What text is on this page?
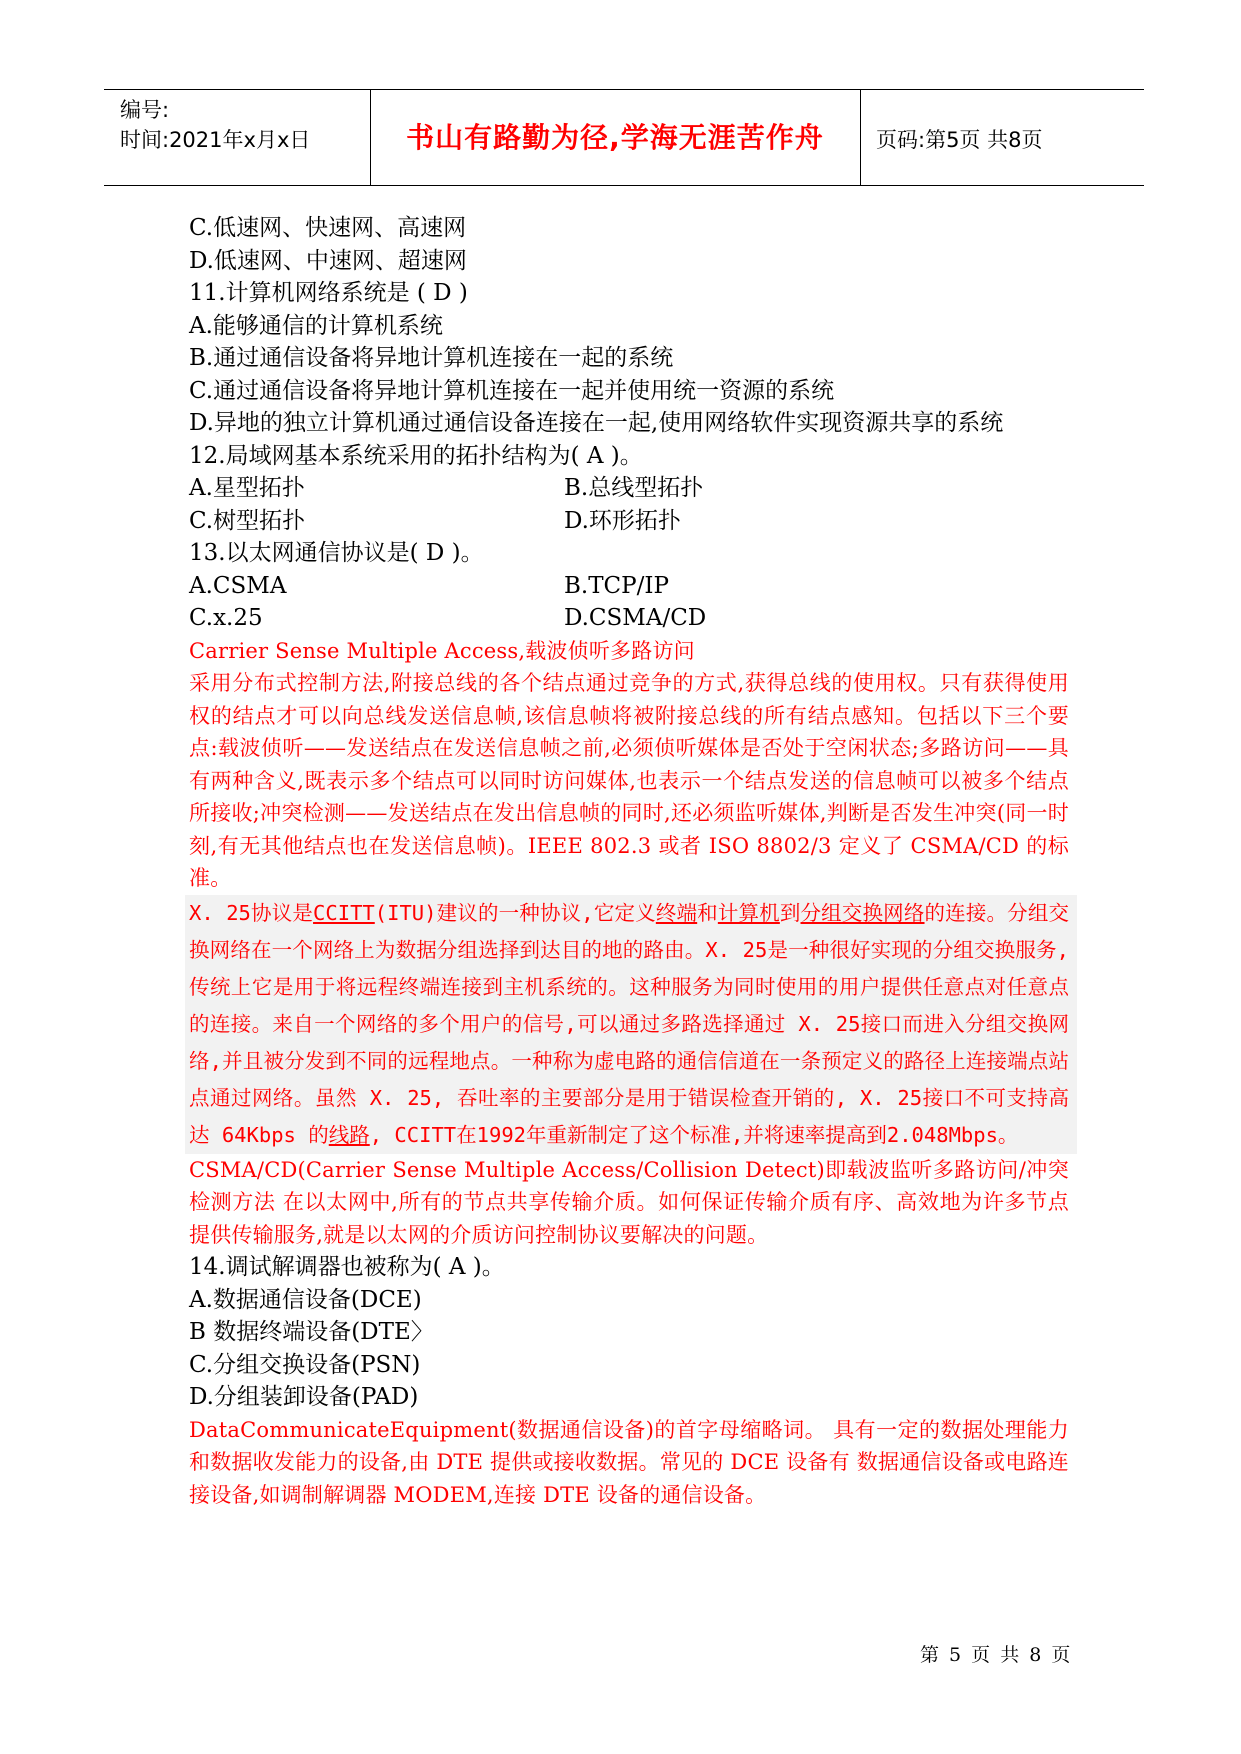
编号:
时间:2021年x月x日	书山有路勤为径,学海无涯苦作舟	页码:第5页 共8页
C.低速网、快速网、高速网
D.低速网、中速网、超速网
11.计算机网络系统是 ( D )
A.能够通信的计算机系统
B.通过通信设备将异地计算机连接在一起的系统
C.通过通信设备将异地计算机连接在一起并使用统一资源的系统
D.异地的独立计算机通过通信设备连接在一起,使用网络软件实现资源共享的系统
12.局域网基本系统采用的拓扑结构为( A )。
A.星型拓扑	B.总线型拓扑
C.树型拓扑	D.环形拓扑
13.以太网通信协议是( D )。
A.CSMA	B.TCP/IP
C.x.25	D.CSMA/CD
Carrier Sense Multiple Access,载波侦听多路访问
采用分布式控制方法,附接总线的各个结点通过竞争的方式,获得总线的使用权。只有获得使用权的结点才可以向总线发送信息帧,该信息帧将被附接总线的所有结点感知。包括以下三个要点:载波侦听——发送结点在发送信息帧之前,必须侦听媒体是否处于空闲状态;多路访问——具有两种含义,既表示多个结点可以同时访问媒体,也表示一个结点发送的信息帧可以被多个结点所接收;冲突检测——发送结点在发出信息帧的同时,还必须监听媒体,判断是否发生冲突(同一时刻,有无其他结点也在发送信息帧)。IEEE 802.3 或者 ISO 8802/3 定义了 CSMA/CD 的标准。
X. 25协议是CCITT(ITU)建议的一种协议,它定义终端和计算机到分组交换网络的连接。分组交换网络在一个网络上为数据分组选择到达目的地的路由。X. 25是一种很好实现的分组交换服务,传统上它是用于将远程终端连接到主机系统的。这种服务为同时使用的用户提供任意点对任意点的连接。来自一个网络的多个用户的信号,可以通过多路选择通过 X. 25接口而进入分组交换网络,并且被分发到不同的远程地点。一种称为虚电路的通信信道在一条预定义的路径上连接端点站点通过网络。虽然 X. 25, 吞吐率的主要部分是用于错误检查开销的, X. 25接口不可支持高达 64Kbps 的线路, CCITT在1992年重新制定了这个标准,并将速率提高到2.048Mbps。
CSMA/CD(Carrier Sense Multiple Access/Collision Detect)即载波监听多路访问/冲突检测方法 在以太网中,所有的节点共享传输介质。如何保证传输介质有序、高效地为许多节点提供传输服务,就是以太网的介质访问控制协议要解决的问题。
14.调试解调器也被称为( A )。
A.数据通信设备(DCE)
B 数据终端设备(DTE〉
C.分组交换设备(PSN)
D.分组装卸设备(PAD)
DataCommunicateEquipment(数据通信设备)的首字母缩略词。 具有一定的数据处理能力和数据收发能力的设备,由 DTE 提供或接收数据。常见的 DCE 设备有 数据通信设备或电路连接设备,如调制解调器 MODEM,连接 DTE 设备的通信设备。
第 5 页 共 8 页
